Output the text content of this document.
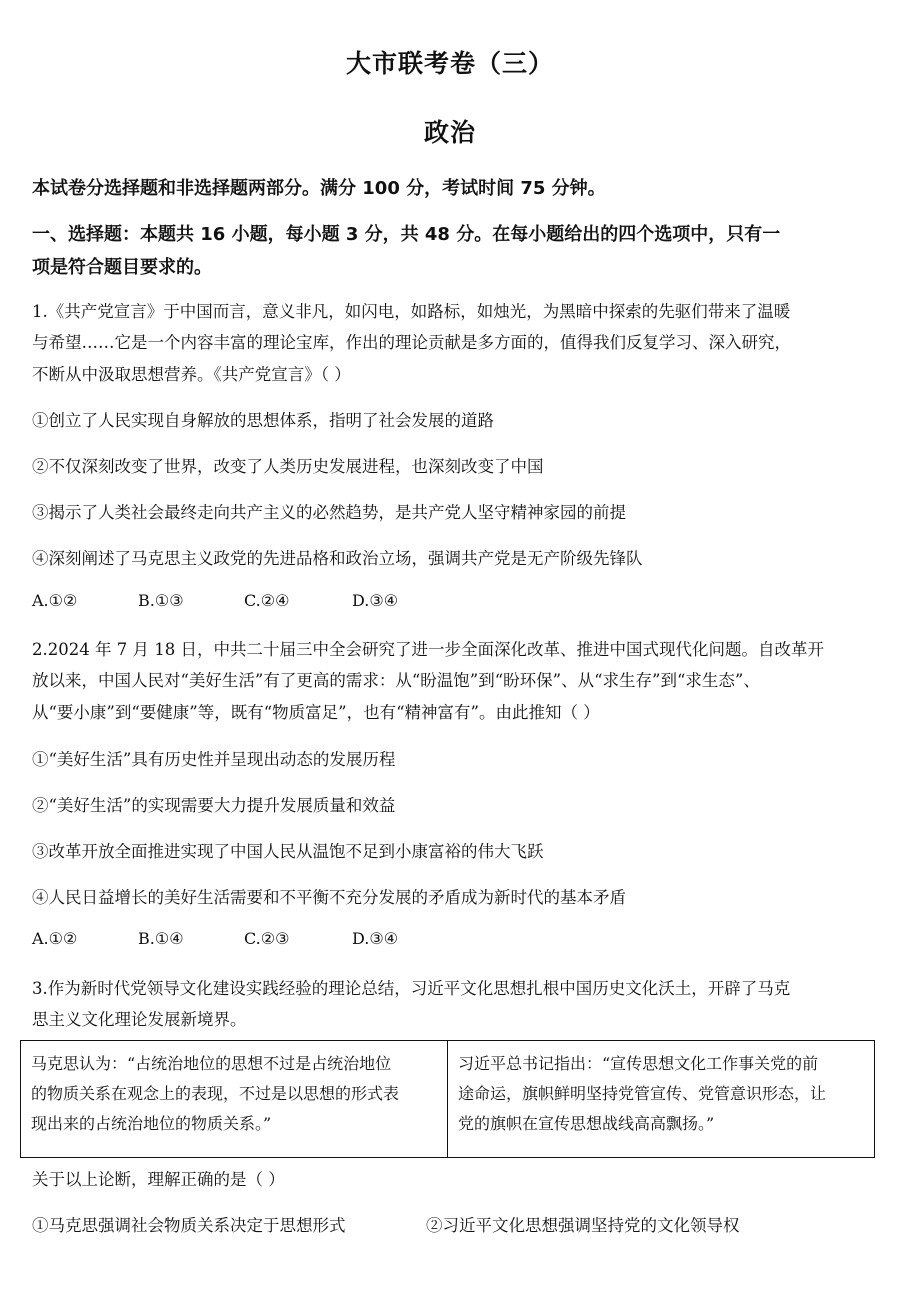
大市联考卷（三）
政治
本试卷分选择题和非选择题两部分。满分 100 分，考试时间 75 分钟。
一、选择题：本题共 16 小题，每小题 3 分，共 48 分。在每小题给出的四个选项中，只有一
项是符合题目要求的。
1.《共产党宣言》于中国而言，意义非凡，如闪电，如路标，如烛光，为黑暗中探索的先驱们带来了温暖
与希望……它是一个内容丰富的理论宝库，作出的理论贡献是多方面的，值得我们反复学习、深入研究，
不断从中汲取思想营养。《共产党宣言》（ ）
①创立了人民实现自身解放的思想体系，指明了社会发展的道路
②不仅深刻改变了世界，改变了人类历史发展进程，也深刻改变了中国
③揭示了人类社会最终走向共产主义的必然趋势，是共产党人坚守精神家园的前提
④深刻阐述了马克思主义政党的先进品格和政治立场，强调共产党是无产阶级先锋队
A.①②	B.①③	C.②④	D.③④
2.2024 年 7 月 18 日，中共二十届三中全会研究了进一步全面深化改革、推进中国式现代化问题。自改革开
放以来，中国人民对“美好生活”有了更高的需求：从“盼温饱”到“盼环保”、从“求生存”到“求生态”、
从“要小康”到“要健康”等，既有“物质富足”，也有“精神富有”。由此推知（ ）
①“美好生活”具有历史性并呈现出动态的发展历程
②“美好生活”的实现需要大力提升发展质量和效益
③改革开放全面推进实现了中国人民从温饱不足到小康富裕的伟大飞跃
④人民日益增长的美好生活需要和不平衡不充分发展的矛盾成为新时代的基本矛盾
A.①②	B.①④	C.②③	D.③④
3.作为新时代党领导文化建设实践经验的理论总结，习近平文化思想扎根中国历史文化沃土，开辟了马克
思主义文化理论发展新境界。
马克思认为：“占统治地位的思想不过是占统治地位
的物质关系在观念上的表现，不过是以思想的形式表
现出来的占统治地位的物质关系。”
习近平总书记指出：“宣传思想文化工作事关党的前
途命运，旗帜鲜明坚持党管宣传、党管意识形态，让
党的旗帜在宣传思想战线高高飘扬。”
关于以上论断，理解正确的是（ ）
①马克思强调社会物质关系决定于思想形式	②习近平文化思想强调坚持党的文化领导权
